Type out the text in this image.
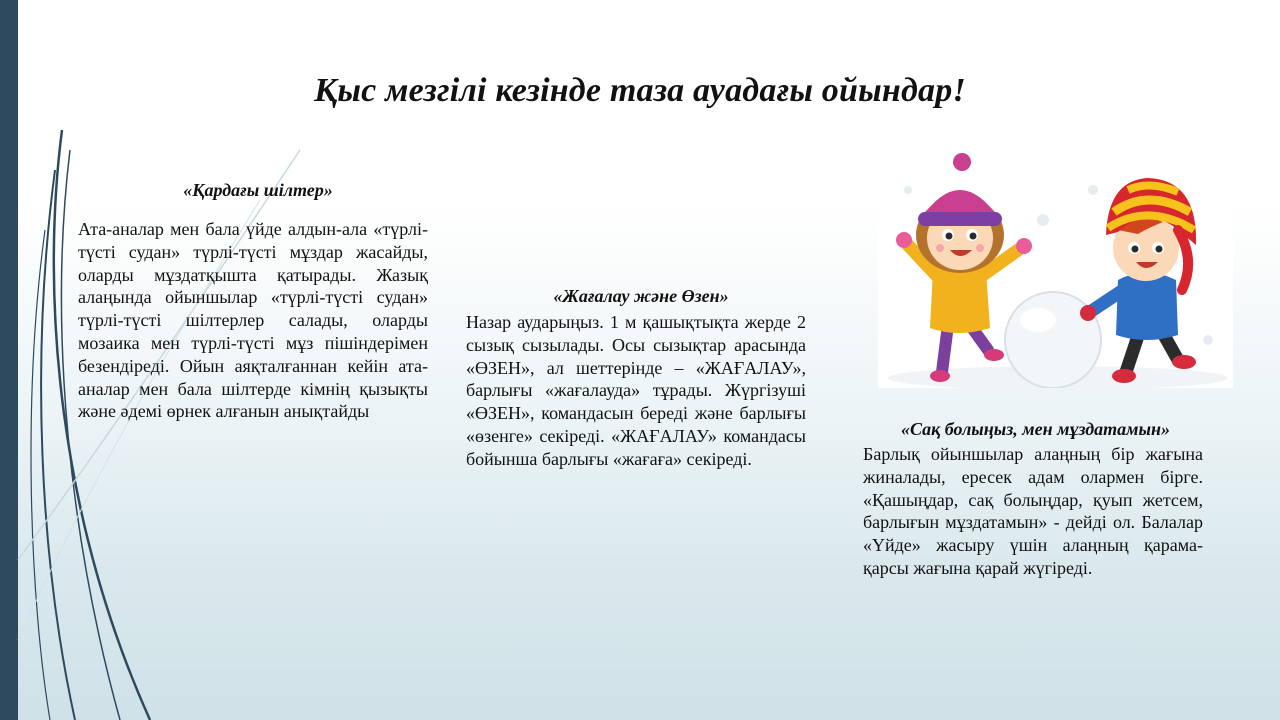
Қыс мезгілі кезінде таза ауадағы ойындар!
«Қардағы шілтер»
Ата-аналар мен бала үйде алдын-ала «түрлі-түсті судан» түрлі-түсті мұздар жасайды, оларды мұздатқышта қатырады. Жазық алаңында ойыншылар «түрлі-түсті судан» түрлі-түсті шілтерлер салады, оларды мозаика мен түрлі-түсті мұз пішіндерімен безендіреді. Ойын аяқталғаннан кейін ата-аналар мен бала шілтерде кімнің қызықты және әдемі өрнек алғанын анықтайды
«Жағалау және Өзен»
Назар аударыңыз. 1 м қашықтықта жерде 2 сызық сызылады. Осы сызықтар арасында «ӨЗЕН», ал шеттерінде – «ЖАҒАЛАУ», барлығы «жағалауда» тұрады. Жүргізуші «ӨЗЕН», командасын береді және барлығы «өзенге» секіреді. «ЖАҒАЛАУ» командасы бойынша барлығы «жағаға» секіреді.
«Сақ болыңыз, мен мұздатамын»
Барлық ойыншылар алаңның бір жағына жиналады, ересек адам олармен бірге. «Қашыңдар, сақ болыңдар, қуып жетсем, барлығын мұздатамын» - дейді ол. Балалар «Үйде» жасыру үшін алаңның қарама-қарсы жағына қарай жүгіреді.
